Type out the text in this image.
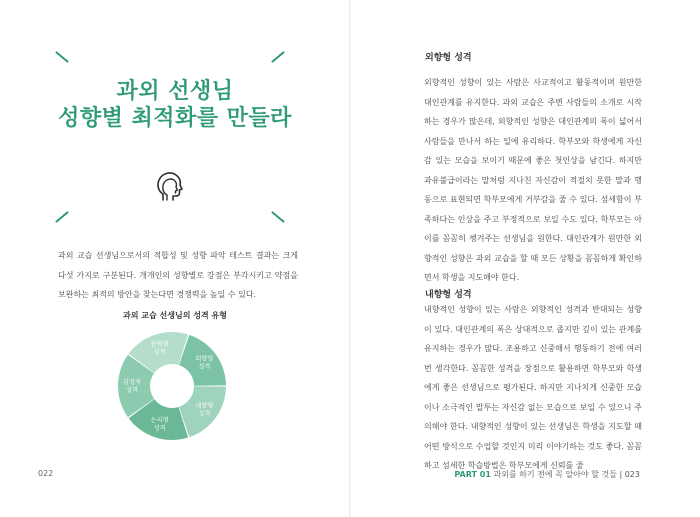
과외 선생님
성향별 최적화를 만들라
과외 교습 선생님으로서의 적합성 및 성향 파악 테스트 결과는 크게 다섯 가지로 구분된다. 개개인의 성향별로 강점은 부각시키고 약점을 보완하는 최적의 방안을 찾는다면 경쟁력을 높일 수 있다.
과외 교습 선생님의 성격 유형
외향형 성격
내향형 성격
논리형 성격
감정적 성격
완벽형 성격
022
외향형 성격
외향적인 성향이 있는 사람은 사교적이고 활동적이며 원만한 대인관계를 유지한다. 과외 교습은 주변 사람들의 소개로 시작하는 경우가 많은데, 외향적인 성향은 대인관계의 폭이 넓어서 사람들을 만나서 하는 일에 유리하다. 학부모와 학생에게 자신감 있는 모습을 보이기 때문에 좋은 첫인상을 남긴다. 하지만 과유불급이라는 말처럼 지나친 자신감이 적절치 못한 말과 행동으로 표현되면 학부모에게 거부감을 줄 수 있다. 섬세함이 부족하다는 인상을 주고 부정적으로 보일 수도 있다. 학부모는 아이를 꼼꼼히 챙겨주는 선생님을 원한다. 대인관계가 원만한 외향적인 성향은 과외 교습을 할 때 모든 상황을 꼼꼼하게 확인하면서 학생을 지도해야 한다.
내향형 성격
내향적인 성향이 있는 사람은 외향적인 성격과 반대되는 성향이 있다. 대인관계의 폭은 상대적으로 좁지만 깊이 있는 관계를 유지하는 경우가 많다. 조용하고 신중해서 행동하기 전에 여러 번 생각한다. 꼼꼼한 성격을 장점으로 활용하면 학부모와 학생에게 좋은 선생님으로 평가된다. 하지만 지나치게 신중한 모습이나 소극적인 말투는 자신감 없는 모습으로 보일 수 있으니 주의해야 한다. 내향적인 성향이 있는 선생님은 학생을 지도할 때 어떤 방식으로 수업할 것인지 미리 이야기하는 것도 좋다. 꼼꼼하고 섬세한 학습방법은 학부모에게 신뢰를 줄
PART 01 과외를 하기 전에 꼭 알아야 할 것들 | 023
